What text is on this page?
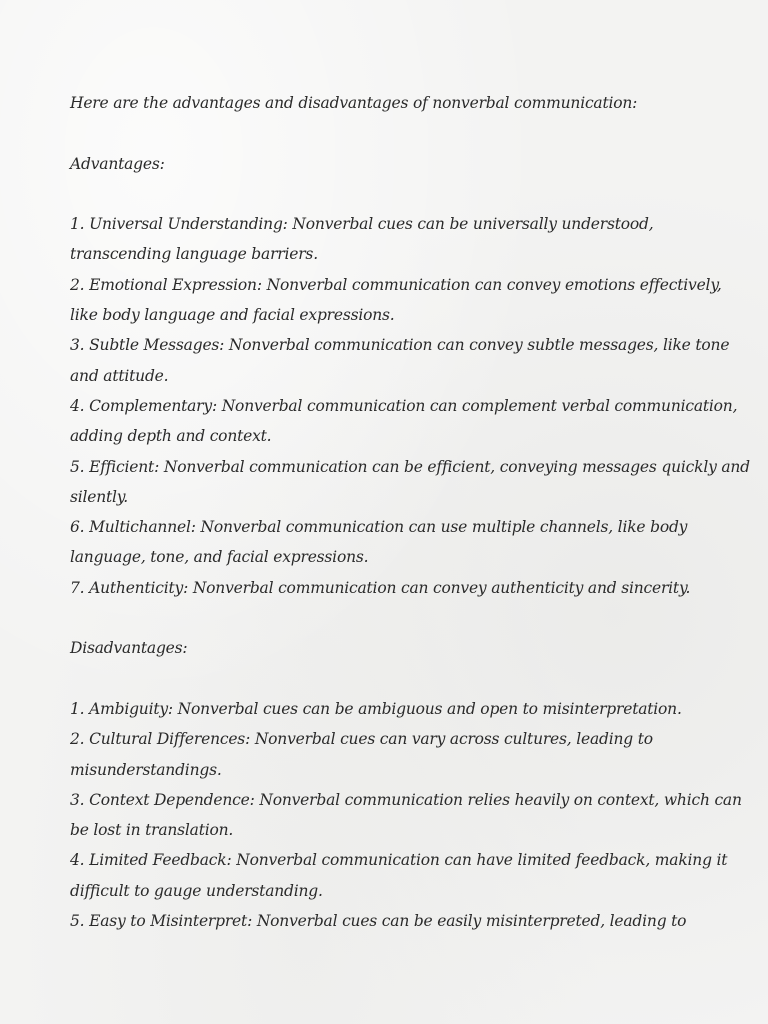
Here are the advantages and disadvantages of nonverbal communication:
Advantages:
1. Universal Understanding: Nonverbal cues can be universally understood,
transcending language barriers.
2. Emotional Expression: Nonverbal communication can convey emotions effectively,
like body language and facial expressions.
3. Subtle Messages: Nonverbal communication can convey subtle messages, like tone
and attitude.
4. Complementary: Nonverbal communication can complement verbal communication,
adding depth and context.
5. Efficient: Nonverbal communication can be efficient, conveying messages quickly and
silently.
6. Multichannel: Nonverbal communication can use multiple channels, like body
language, tone, and facial expressions.
7. Authenticity: Nonverbal communication can convey authenticity and sincerity.
Disadvantages:
1. Ambiguity: Nonverbal cues can be ambiguous and open to misinterpretation.
2. Cultural Differences: Nonverbal cues can vary across cultures, leading to
misunderstandings.
3. Context Dependence: Nonverbal communication relies heavily on context, which can
be lost in translation.
4. Limited Feedback: Nonverbal communication can have limited feedback, making it
difficult to gauge understanding.
5. Easy to Misinterpret: Nonverbal cues can be easily misinterpreted, leading to
